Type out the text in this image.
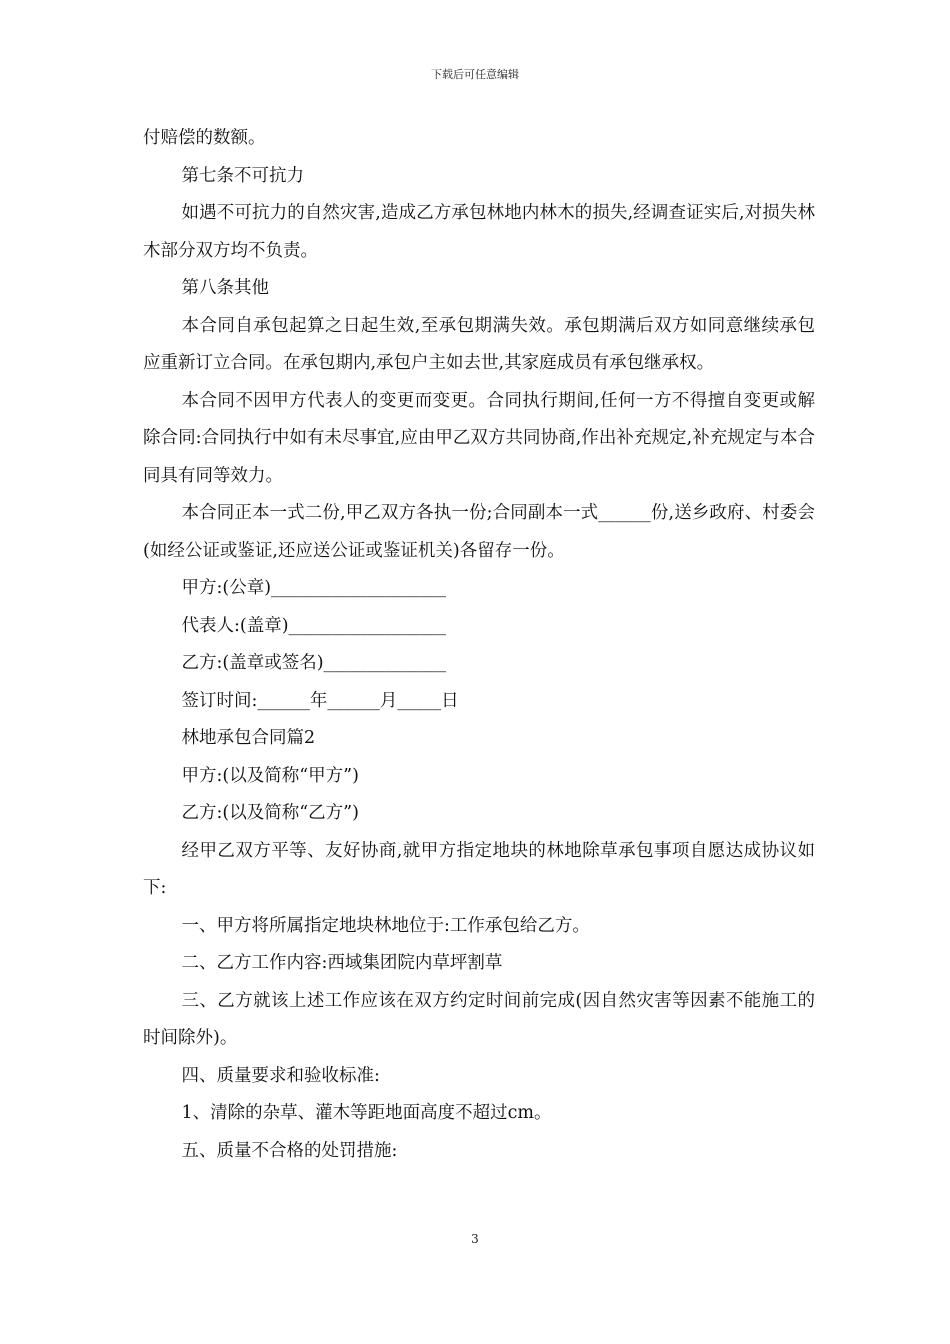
下载后可任意编辑

付赔偿的数额。

第七条不可抗力

如遇不可抗力的自然灾害,造成乙方承包林地内林木的损失,经调查证实后,对损失林木部分双方均不负责。

第八条其他

本合同自承包起算之日起生效,至承包期满失效。承包期满后双方如同意继续承包应重新订立合同。在承包期内,承包户主如去世,其家庭成员有承包继承权。

本合同不因甲方代表人的变更而变更。合同执行期间,任何一方不得擅自变更或解除合同:合同执行中如有未尽事宜,应由甲乙双方共同协商,作出补充规定,补充规定与本合同具有同等效力。

本合同正本一式二份,甲乙双方各执一份;合同副本一式______份,送乡政府、村委会(如经公证或鉴证,还应送公证或鉴证机关)各留存一份。

甲方:(公章)____________________

代表人:(盖章)__________________

乙方:(盖章或签名)______________

签订时间:______年______月_____日

林地承包合同篇2

甲方:(以及简称“甲方”)

乙方:(以及简称“乙方”)

经甲乙双方平等、友好协商,就甲方指定地块的林地除草承包事项自愿达成协议如下:

一、甲方将所属指定地块林地位于:工作承包给乙方。

二、乙方工作内容:西域集团院内草坪割草

三、乙方就该上述工作应该在双方约定时间前完成(因自然灾害等因素不能施工的时间除外)。

四、质量要求和验收标准:

1、清除的杂草、灌木等距地面高度不超过cm。

五、质量不合格的处罚措施:

3
